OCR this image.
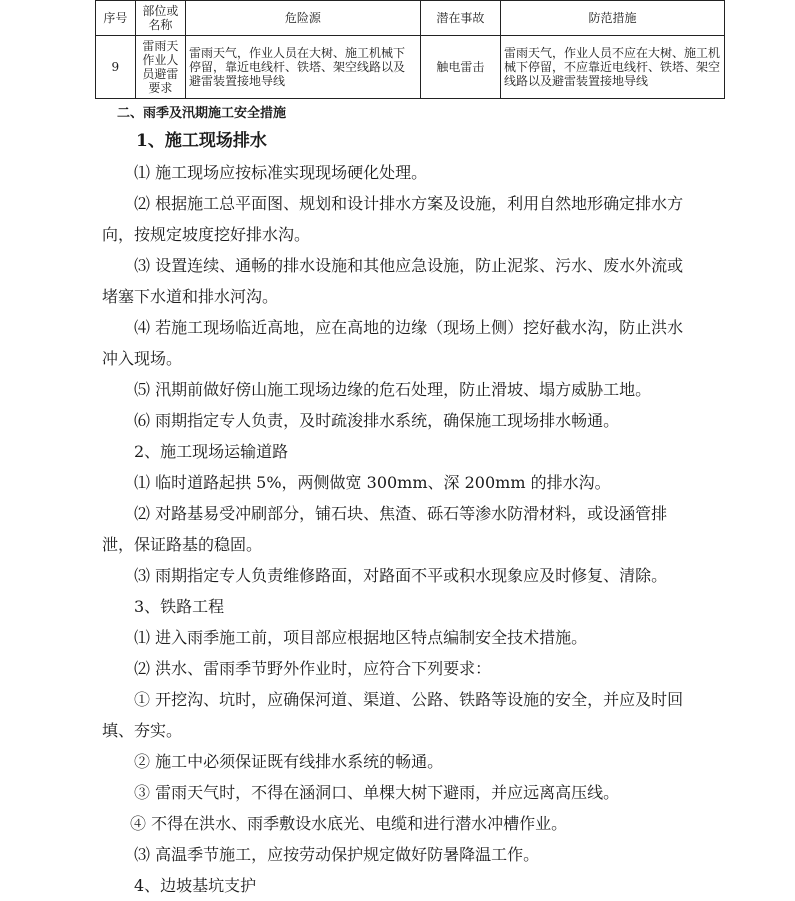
序号	部位或名称	危险源	潜在事故	防范措施
9	雷雨天作业人员避雷要求	雷雨天气，作业人员在大树、施工机械下停留，靠近电线杆、铁塔、架空线路以及避雷装置接地导线	触电雷击	雷雨天气，作业人员不应在大树、施工机械下停留，不应靠近电线杆、铁塔、架空线路以及避雷装置接地导线
二、雨季及汛期施工安全措施

1、施工现场排水

⑴ 施工现场应按标准实现现场硬化处理。

⑵ 根据施工总平面图、规划和设计排水方案及设施，利用自然地形确定排水方向，按规定坡度挖好排水沟。

⑶ 设置连续、通畅的排水设施和其他应急设施，防止泥浆、污水、废水外流或堵塞下水道和排水河沟。

⑷ 若施工现场临近高地，应在高地的边缘（现场上侧）挖好截水沟，防止洪水冲入现场。

⑸ 汛期前做好傍山施工现场边缘的危石处理，防止滑坡、塌方威胁工地。

⑹ 雨期指定专人负责，及时疏浚排水系统，确保施工现场排水畅通。

2、施工现场运输道路

⑴ 临时道路起拱 5%，两侧做宽 300mm、深 200mm 的排水沟。

⑵ 对路基易受冲刷部分，铺石块、焦渣、砾石等渗水防滑材料，或设涵管排泄，保证路基的稳固。

⑶ 雨期指定专人负责维修路面，对路面不平或积水现象应及时修复、清除。

3、铁路工程

⑴ 进入雨季施工前，项目部应根据地区特点编制安全技术措施。

⑵ 洪水、雷雨季节野外作业时，应符合下列要求：

① 开挖沟、坑时，应确保河道、渠道、公路、铁路等设施的安全，并应及时回填、夯实。

② 施工中必须保证既有线排水系统的畅通。

③ 雷雨天气时，不得在涵洞口、单棵大树下避雨，并应远离高压线。

④ 不得在洪水、雨季敷设水底光、电缆和进行潜水冲槽作业。

⑶ 高温季节施工，应按劳动保护规定做好防暑降温工作。

4、边坡基坑支护
